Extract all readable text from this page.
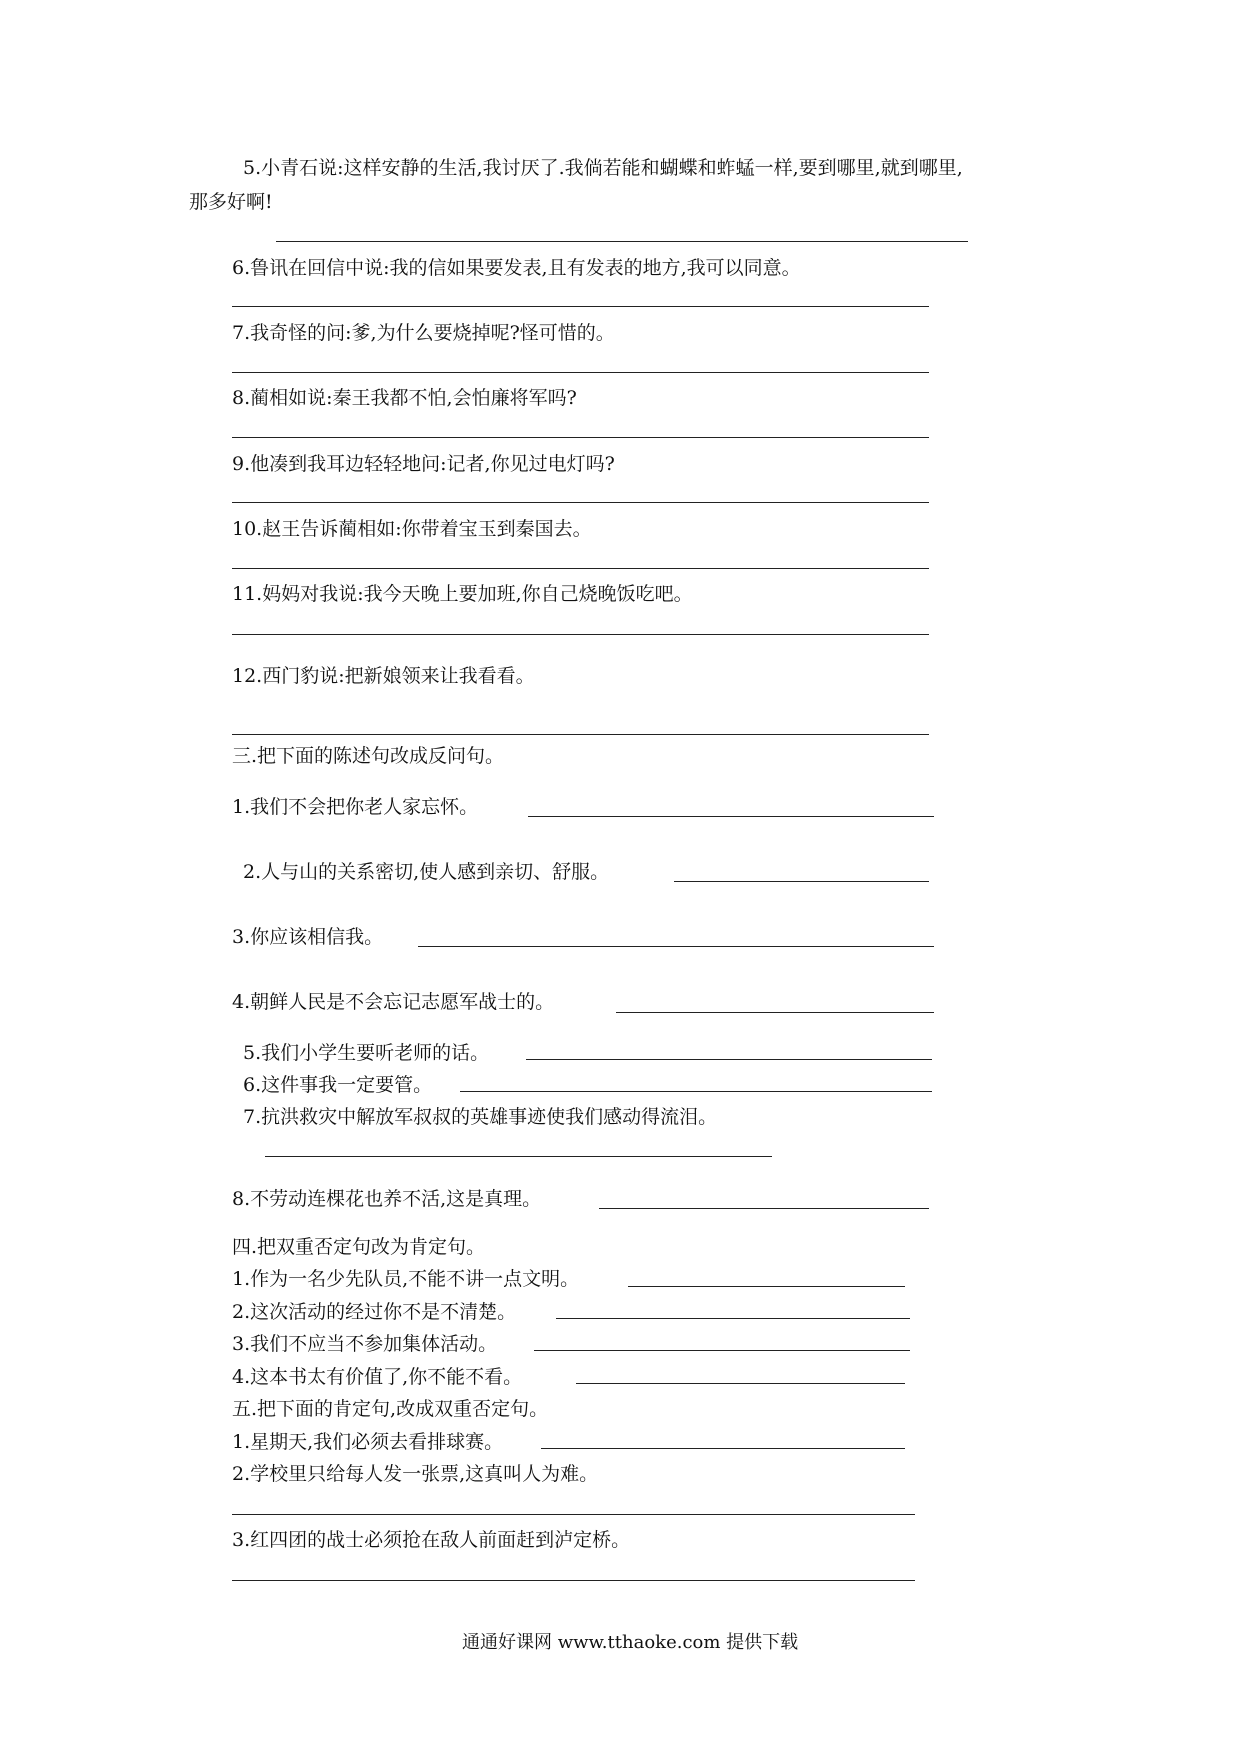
5.小青石说:这样安静的生活,我讨厌了.我倘若能和蝴蝶和蚱蜢一样,要到哪里,就到哪里,
那多好啊!
6.鲁讯在回信中说:我的信如果要发表,且有发表的地方,我可以同意。
7.我奇怪的问:爹,为什么要烧掉呢?怪可惜的。
8.蔺相如说:秦王我都不怕,会怕廉将军吗?
9.他凑到我耳边轻轻地问:记者,你见过电灯吗?
10.赵王告诉蔺相如:你带着宝玉到秦国去。
11.妈妈对我说:我今天晚上要加班,你自己烧晚饭吃吧。
12.西门豹说:把新娘领来让我看看。
三.把下面的陈述句改成反问句。
1.我们不会把你老人家忘怀。
2.人与山的关系密切,使人感到亲切、舒服。
3.你应该相信我。
4.朝鲜人民是不会忘记志愿军战士的。
5.我们小学生要听老师的话。
6.这件事我一定要管。
7.抗洪救灾中解放军叔叔的英雄事迹使我们感动得流泪。
8.不劳动连棵花也养不活,这是真理。
四.把双重否定句改为肯定句。
1.作为一名少先队员,不能不讲一点文明。
2.这次活动的经过你不是不清楚。
3.我们不应当不参加集体活动。
4.这本书太有价值了,你不能不看。
五.把下面的肯定句,改成双重否定句。
1.星期天,我们必须去看排球赛。
2.学校里只给每人发一张票,这真叫人为难。
3.红四团的战士必须抢在敌人前面赶到泸定桥。
通通好课网 www.tthaoke.com 提供下载
